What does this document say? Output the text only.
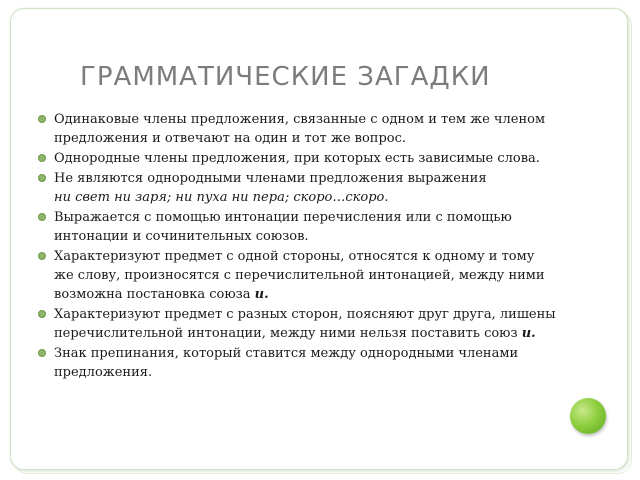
ГРАММАТИЧЕСКИЕ ЗАГАДКИ
Одинаковые члены предложения, связанные с одном и тем же членом предложения и отвечают на один и тот же вопрос.
Однородные члены предложения, при которых есть зависимые слова.
Не являются однородными членами предложения выражения
ни свет ни заря; ни пуха ни пера; скоро…скоро.
Выражается с помощью интонации перечисления или с помощью интонации и сочинительных союзов.
Характеризуют предмет с одной стороны, относятся к одному и тому же слову, произносятся с перечислительной интонацией, между ними возможна постановка союза и.
Характеризуют предмет с разных сторон, поясняют друг друга, лишены перечислительной интонации, между ними нельзя поставить союз и.
Знак препинания, который ставится между однородными членами предложения.
